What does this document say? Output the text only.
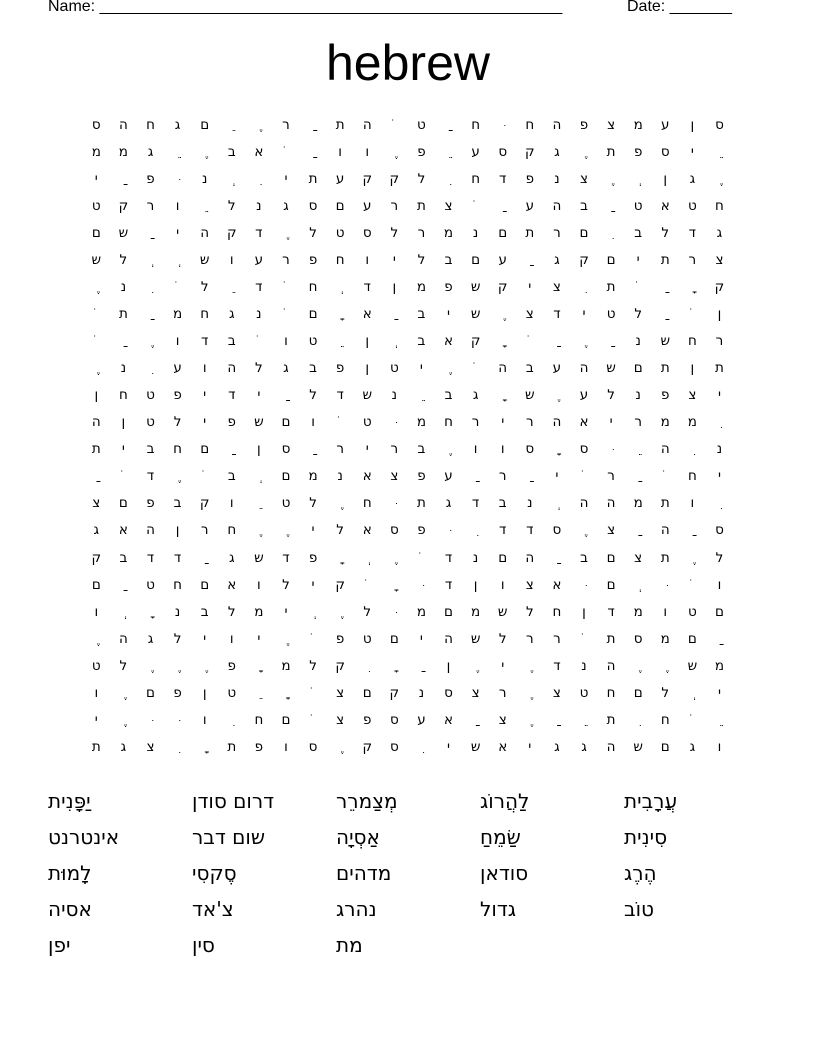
Name: ____________________________________________________	Date: _______
hebrew
ס
ן
ע
מ
צ
פ
ה
ח
ּ
ח
ַ
ט
ֹ
ה
ת
ַ
ר
ֶ
ֵ
ם
ג
ח
ה
ס
ֵ
י
ס
פ
ת
ֶ
ג
ק
ס
ע
ֵ
פ
ֶ
ו
ו
ַ
ֹ
א
ב
ֶ
ֵ
ג
מ
מ
ֶ
ג
ן
ְ
ֶ
צ
נ
פ
ד
ח
ִ
ל
ק
ק
ע
ת
י
ִ
ְ
נ
ּ
פ
ַ
י
ח
ט
א
ט
ַ
ב
ה
ע
ַ
ֹ
צ
ת
ר
ע
ם
ס
ג
נ
ל
ֵ
ו
ר
ק
ט
ג
ד
ל
ב
ִ
ם
ר
ת
ם
נ
מ
ר
ל
ס
ט
ל
ֶ
ד
ק
ה
י
ַ
ש
ם
צ
ר
ת
י
ם
ק
ג
ַ
ע
ם
ב
ל
י
ו
ח
פ
ר
ע
ו
ש
ְ
ְ
ל
ש
ק
ָ
ַ
ֹ
ת
ִ
צ
י
ק
ש
פ
מ
ן
ד
ְ
ח
ֹ
ד
ֵ
ל
ֹ
ִ
נ
ֶ
ן
ֹ
ַ
ל
ט
י
ד
צ
ֶ
ש
י
ב
ַ
א
ָ
ם
ֹ
נ
ג
ח
מ
ַ
ת
ֹ
ר
ח
ש
נ
ַ
ֶ
ַ
ֹ
ָ
ק
א
ב
ְ
ן
ֵ
ט
ו
ֹ
ב
ד
ו
ֶ
ַ
ֹ
ת
ן
ת
ם
ש
ה
ע
ב
ה
ֹ
ֶ
י
ט
ן
פ
ב
ג
ל
ה
ו
ע
ִ
נ
ֶ
י
צ
פ
נ
ל
ע
ֶ
ש
ָ
ג
ב
ֵ
נ
ש
ד
ל
ַ
י
ד
י
פ
ט
ח
ן
ִ
מ
מ
ר
י
א
ה
ר
י
ר
ח
מ
ּ
ט
ֹ
ו
ם
ש
פ
י
ל
ט
ן
ה
נ
ִ
ה
ֵ
ּ
ס
ָ
ס
ו
ו
ֶ
ב
ר
י
ר
ַ
ס
ן
ַ
ם
ח
ב
י
ת
י
ח
ֹ
ַ
ר
ֹ
י
ַ
ר
ַ
ע
פ
צ
א
נ
מ
ם
ְ
ב
ֹ
ֶ
ד
ֹ
ַ
ִ
ו
ת
מ
ה
ה
ְ
נ
ב
ד
ג
ת
ּ
ח
ֶ
ל
ט
ֵ
ו
ק
ב
פ
ם
צ
ס
ַ
ה
ַ
צ
ֶ
ס
ד
ד
ִ
ּ
פ
ס
א
ל
י
ֶ
ֶ
ח
ר
ן
ה
א
ג
ל
ֶ
ת
צ
ם
ב
ַ
ה
ם
נ
ד
ֹ
ֶ
ְ
ָ
פ
ד
ש
ג
ַ
ד
ד
ב
ק
ו
ֹ
ּ
ְ
ם
ּ
א
צ
ו
ן
ד
ּ
ָ
ֹ
ק
י
ל
ו
א
ם
ח
ט
ַ
ם
ם
ט
ו
מ
ד
ן
ח
ל
ש
מ
ם
מ
ּ
ל
ֶ
ְ
י
מ
ל
ב
נ
ָ
ְ
ו
ַ
ם
מ
ס
ת
ֹ
ר
ר
ל
ש
ה
י
ם
ט
פ
ֹ
ֶ
י
ו
י
ל
ג
ה
ֶ
מ
ש
ֶ
ֶ
ה
נ
ד
ֶ
י
ֶ
ן
ַ
ָ
ִ
ק
ל
מ
ָ
פ
ֶ
ֶ
ֶ
ל
ט
י
ְ
ל
ם
ח
ט
צ
ֶ
ר
צ
ס
נ
ק
ם
צ
ֹ
ָ
ֵ
ט
ן
פ
ם
ֶ
ו
ֵ
ֹ
ח
ִ
ת
ֵ
ַ
ֶ
צ
ַ
א
ע
ס
פ
צ
ֹ
ם
ח
ִ
ו
ּ
ּ
ֶ
י
ו
ג
ם
ש
ה
ג
ג
י
א
ש
י
ִ
ס
ק
ֶ
ס
ו
פ
ת
ָ
ִ
צ
ג
ת
יַפָּנִית
אינטרנט
לָמוּת
אסיה
יפן
דרום סודן
שום דבר
סֶקסִי
צ'אד
סין
מְצַמרֵר
אַסְיָה
מדהים
נהרג
מת
לַהֲרוֹג
שַׂמֵחַ
סודאן
גדול
עֲרָבִית
סִינִית
הֶרֶג
טוֹב
